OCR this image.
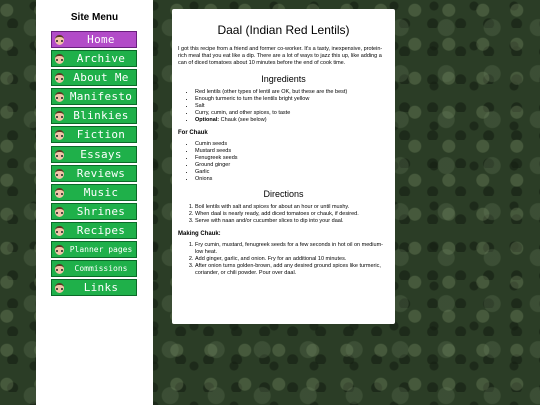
Site Menu
Home
Archive
About Me
Manifesto
Blinkies
Fiction
Essays
Reviews
Music
Shrines
Recipes
Planner pages
Commissions
Links
Daal (Indian Red Lentils)

I got this recipe from a friend and former co-worker. It's a tasty, inexpensive, protein-rich meal that you eat like a dip. There are a lot of ways to jazz this up, like adding a can of diced tomatoes about 10 minutes before the end of cook time.

Ingredients
• Red lentils (other types of lentil are OK, but these are the best)
• Enough turmeric to turn the lentils bright yellow
• Salt
• Curry, cumin, and other spices, to taste
• Optional: Chauk (see below)
For Chauk
• Cumin seeds
• Mustard seeds
• Fenugreek seeds
• Ground ginger
• Garlic
• Onions
Directions
1. Boil lentils with salt and spices for about an hour or until mushy.
2. When daal is nearly ready, add diced tomatoes or chauk, if desired.
3. Serve with naan and/or cucumber slices to dip into your daal.
Making Chauk:
1. Fry cumin, mustard, fenugreek seeds for a few seconds in hot oil on medium-low heat.
2. Add ginger, garlic, and onion. Fry for an additional 10 minutes.
3. After onion turns golden-brown, add any desired ground spices like turmeric, coriander, or chili powder. Pour over daal.
